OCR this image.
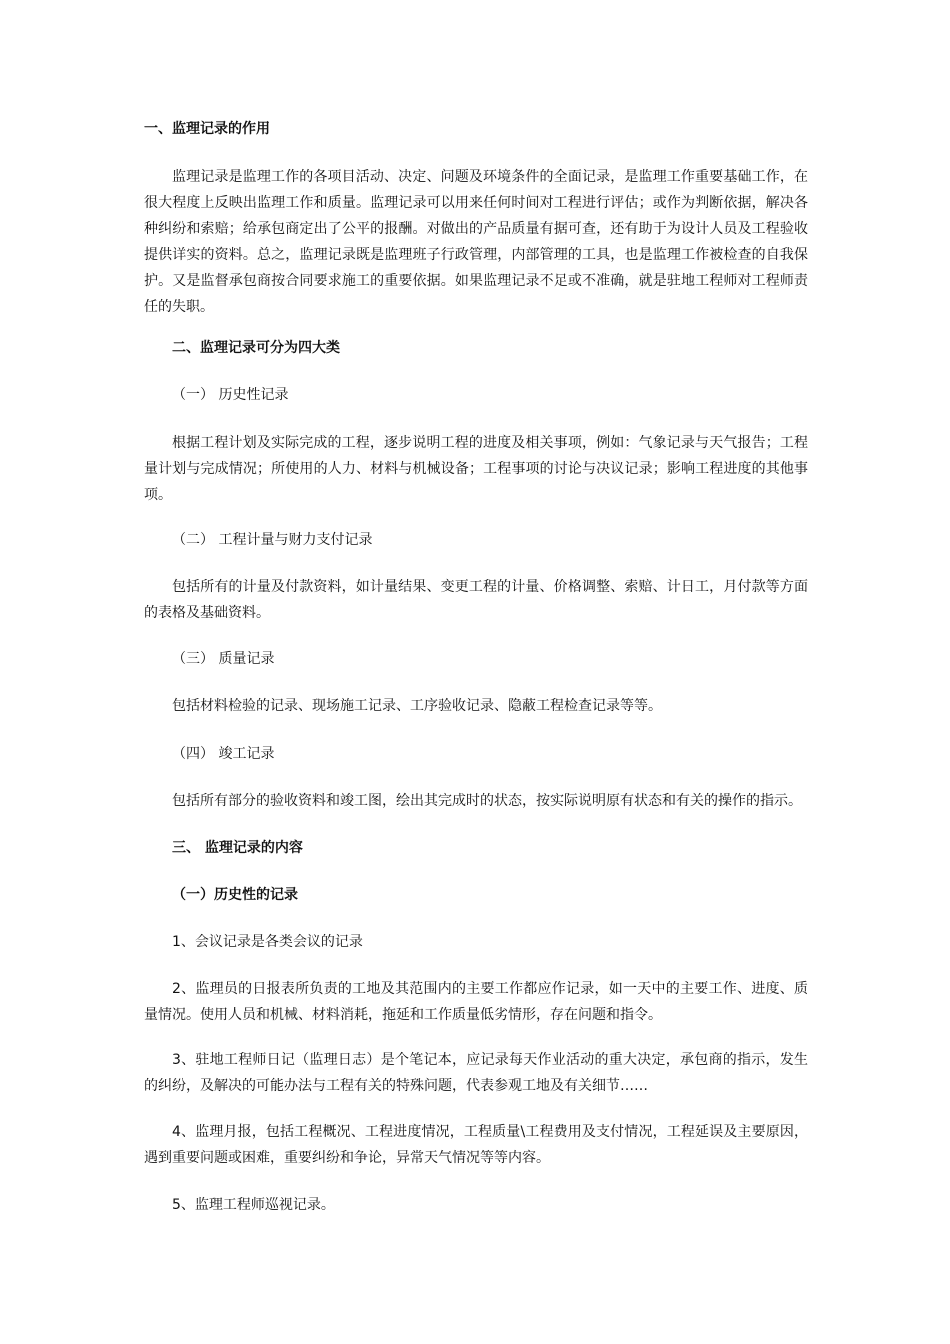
一、监理记录的作用
监理记录是监理工作的各项目活动、决定、问题及环境条件的全面记录，是监理工作重要基础工作，在很大程度上反映出监理工作和质量。监理记录可以用来任何时间对工程进行评估；或作为判断依据，解决各种纠纷和索赔；给承包商定出了公平的报酬。对做出的产品质量有据可查，还有助于为设计人员及工程验收提供详实的资料。总之，监理记录既是监理班子行政管理，内部管理的工具，也是监理工作被检查的自我保护。又是监督承包商按合同要求施工的重要依据。如果监理记录不足或不准确，就是驻地工程师对工程师责任的失职。
二、监理记录可分为四大类
（一） 历史性记录
根据工程计划及实际完成的工程，逐步说明工程的进度及相关事项，例如：气象记录与天气报告；工程量计划与完成情况；所使用的人力、材料与机械设备；工程事项的讨论与决议记录；影响工程进度的其他事项。
（二） 工程计量与财力支付记录
包括所有的计量及付款资料，如计量结果、变更工程的计量、价格调整、索赔、计日工，月付款等方面的表格及基础资料。
（三） 质量记录
包括材料检验的记录、现场施工记录、工序验收记录、隐蔽工程检查记录等等。
（四） 竣工记录
包括所有部分的验收资料和竣工图，绘出其完成时的状态，按实际说明原有状态和有关的操作的指示。
三、 监理记录的内容
（一）历史性的记录
1、会议记录是各类会议的记录
2、监理员的日报表所负责的工地及其范围内的主要工作都应作记录，如一天中的主要工作、进度、质量情况。使用人员和机械、材料消耗，拖延和工作质量低劣情形，存在问题和指令。
3、驻地工程师日记（监理日志）是个笔记本，应记录每天作业活动的重大决定，承包商的指示，发生的纠纷，及解决的可能办法与工程有关的特殊问题，代表参观工地及有关细节……
4、监理月报，包括工程概况、工程进度情况，工程质量\工程费用及支付情况，工程延误及主要原因，遇到重要问题或困难，重要纠纷和争论，异常天气情况等等内容。
5、监理工程师巡视记录。
